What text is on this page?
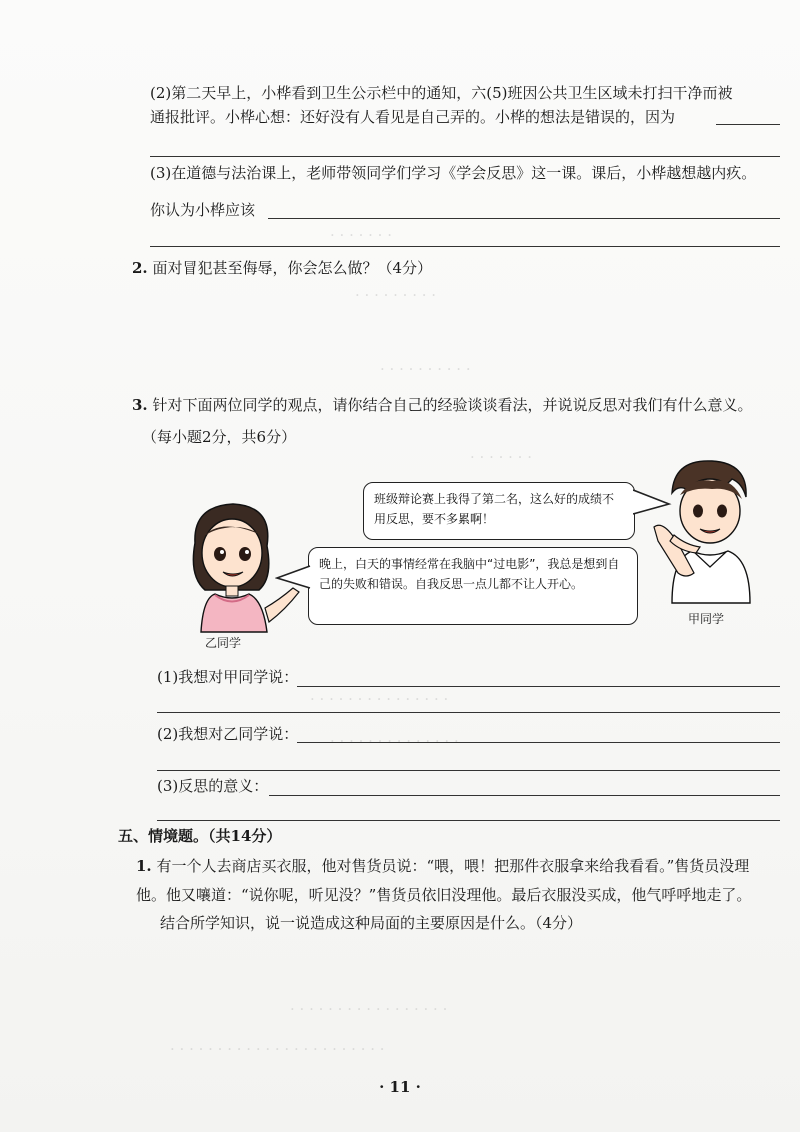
· · · · · · ·
· · · · · · · · ·
· · · · · · · · · ·
· · · · · · ·
· · · · · · · · · · · · · · ·
· · · · · · · · · · · · · ·
· · · · · · · · · · · · · · · · ·
· · · · · · · · · · · · · · · · · · · · · · ·
(2)第二天早上，小桦看到卫生公示栏中的通知，六(5)班因公共卫生区域未打扫干净而被
通报批评。小桦心想：还好没有人看见是自己弄的。小桦的想法是错误的，因为
(3)在道德与法治课上，老师带领同学们学习《学会反思》这一课。课后，小桦越想越内疚。
你认为小桦应该
2. 面对冒犯甚至侮辱，你会怎么做？（4分）
3. 针对下面两位同学的观点，请你结合自己的经验谈谈看法，并说说反思对我们有什么意义。
（每小题2分，共6分）
乙同学
甲同学
班级辩论赛上我得了第二名，这么好的成绩不用反思，要不多累啊！
晚上，白天的事情经常在我脑中“过电影”，我总是想到自己的失败和错误。自我反思一点儿都不让人开心。
(1)我想对甲同学说：
(2)我想对乙同学说：
(3)反思的意义：
五、情境题。（共14分）
1. 有一个人去商店买衣服，他对售货员说：“喂，喂！把那件衣服拿来给我看看。”售货员没理
他。他又嚷道：“说你呢，听见没？”售货员依旧没理他。最后衣服没买成，他气呼呼地走了。
结合所学知识，说一说造成这种局面的主要原因是什么。（4分）
· 11 ·
